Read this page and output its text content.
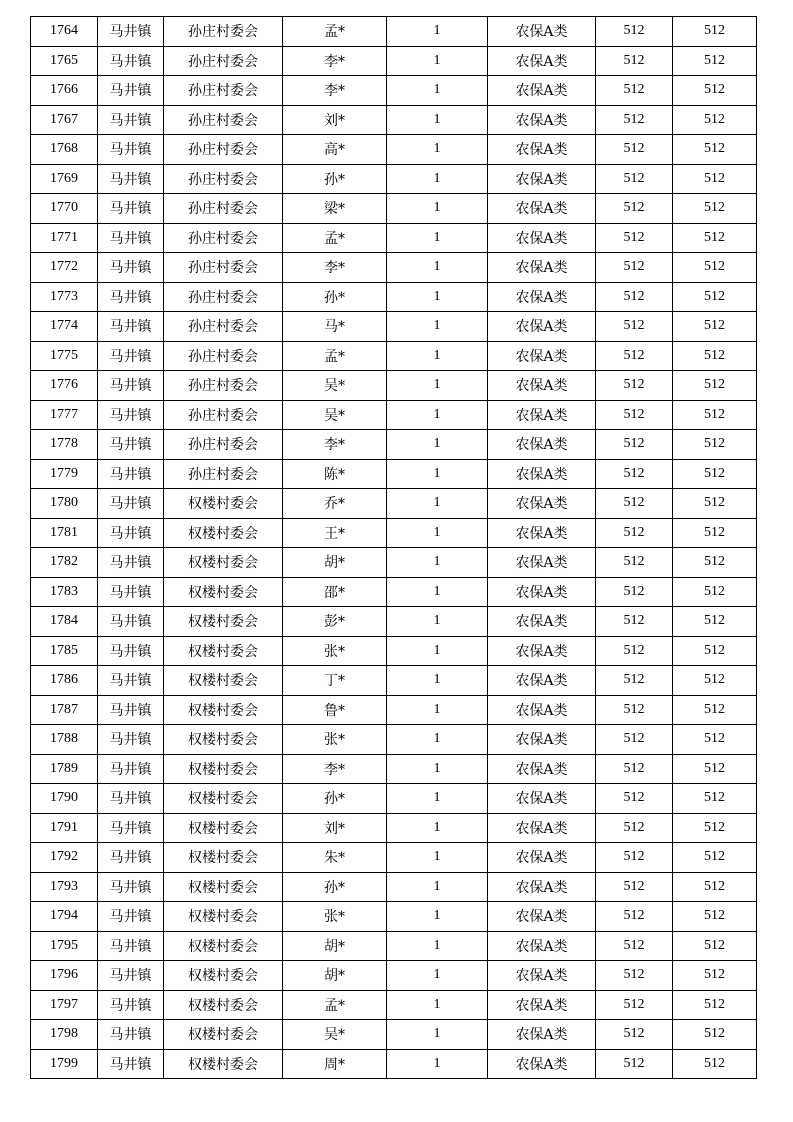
1764	马井镇	孙庄村委会	孟*	1	农保A类	512	512
1765	马井镇	孙庄村委会	李*	1	农保A类	512	512
1766	马井镇	孙庄村委会	李*	1	农保A类	512	512
1767	马井镇	孙庄村委会	刘*	1	农保A类	512	512
1768	马井镇	孙庄村委会	高*	1	农保A类	512	512
1769	马井镇	孙庄村委会	孙*	1	农保A类	512	512
1770	马井镇	孙庄村委会	梁*	1	农保A类	512	512
1771	马井镇	孙庄村委会	孟*	1	农保A类	512	512
1772	马井镇	孙庄村委会	李*	1	农保A类	512	512
1773	马井镇	孙庄村委会	孙*	1	农保A类	512	512
1774	马井镇	孙庄村委会	马*	1	农保A类	512	512
1775	马井镇	孙庄村委会	孟*	1	农保A类	512	512
1776	马井镇	孙庄村委会	吴*	1	农保A类	512	512
1777	马井镇	孙庄村委会	吴*	1	农保A类	512	512
1778	马井镇	孙庄村委会	李*	1	农保A类	512	512
1779	马井镇	孙庄村委会	陈*	1	农保A类	512	512
1780	马井镇	权楼村委会	乔*	1	农保A类	512	512
1781	马井镇	权楼村委会	王*	1	农保A类	512	512
1782	马井镇	权楼村委会	胡*	1	农保A类	512	512
1783	马井镇	权楼村委会	邵*	1	农保A类	512	512
1784	马井镇	权楼村委会	彭*	1	农保A类	512	512
1785	马井镇	权楼村委会	张*	1	农保A类	512	512
1786	马井镇	权楼村委会	丁*	1	农保A类	512	512
1787	马井镇	权楼村委会	鲁*	1	农保A类	512	512
1788	马井镇	权楼村委会	张*	1	农保A类	512	512
1789	马井镇	权楼村委会	李*	1	农保A类	512	512
1790	马井镇	权楼村委会	孙*	1	农保A类	512	512
1791	马井镇	权楼村委会	刘*	1	农保A类	512	512
1792	马井镇	权楼村委会	朱*	1	农保A类	512	512
1793	马井镇	权楼村委会	孙*	1	农保A类	512	512
1794	马井镇	权楼村委会	张*	1	农保A类	512	512
1795	马井镇	权楼村委会	胡*	1	农保A类	512	512
1796	马井镇	权楼村委会	胡*	1	农保A类	512	512
1797	马井镇	权楼村委会	孟*	1	农保A类	512	512
1798	马井镇	权楼村委会	吴*	1	农保A类	512	512
1799	马井镇	权楼村委会	周*	1	农保A类	512	512
